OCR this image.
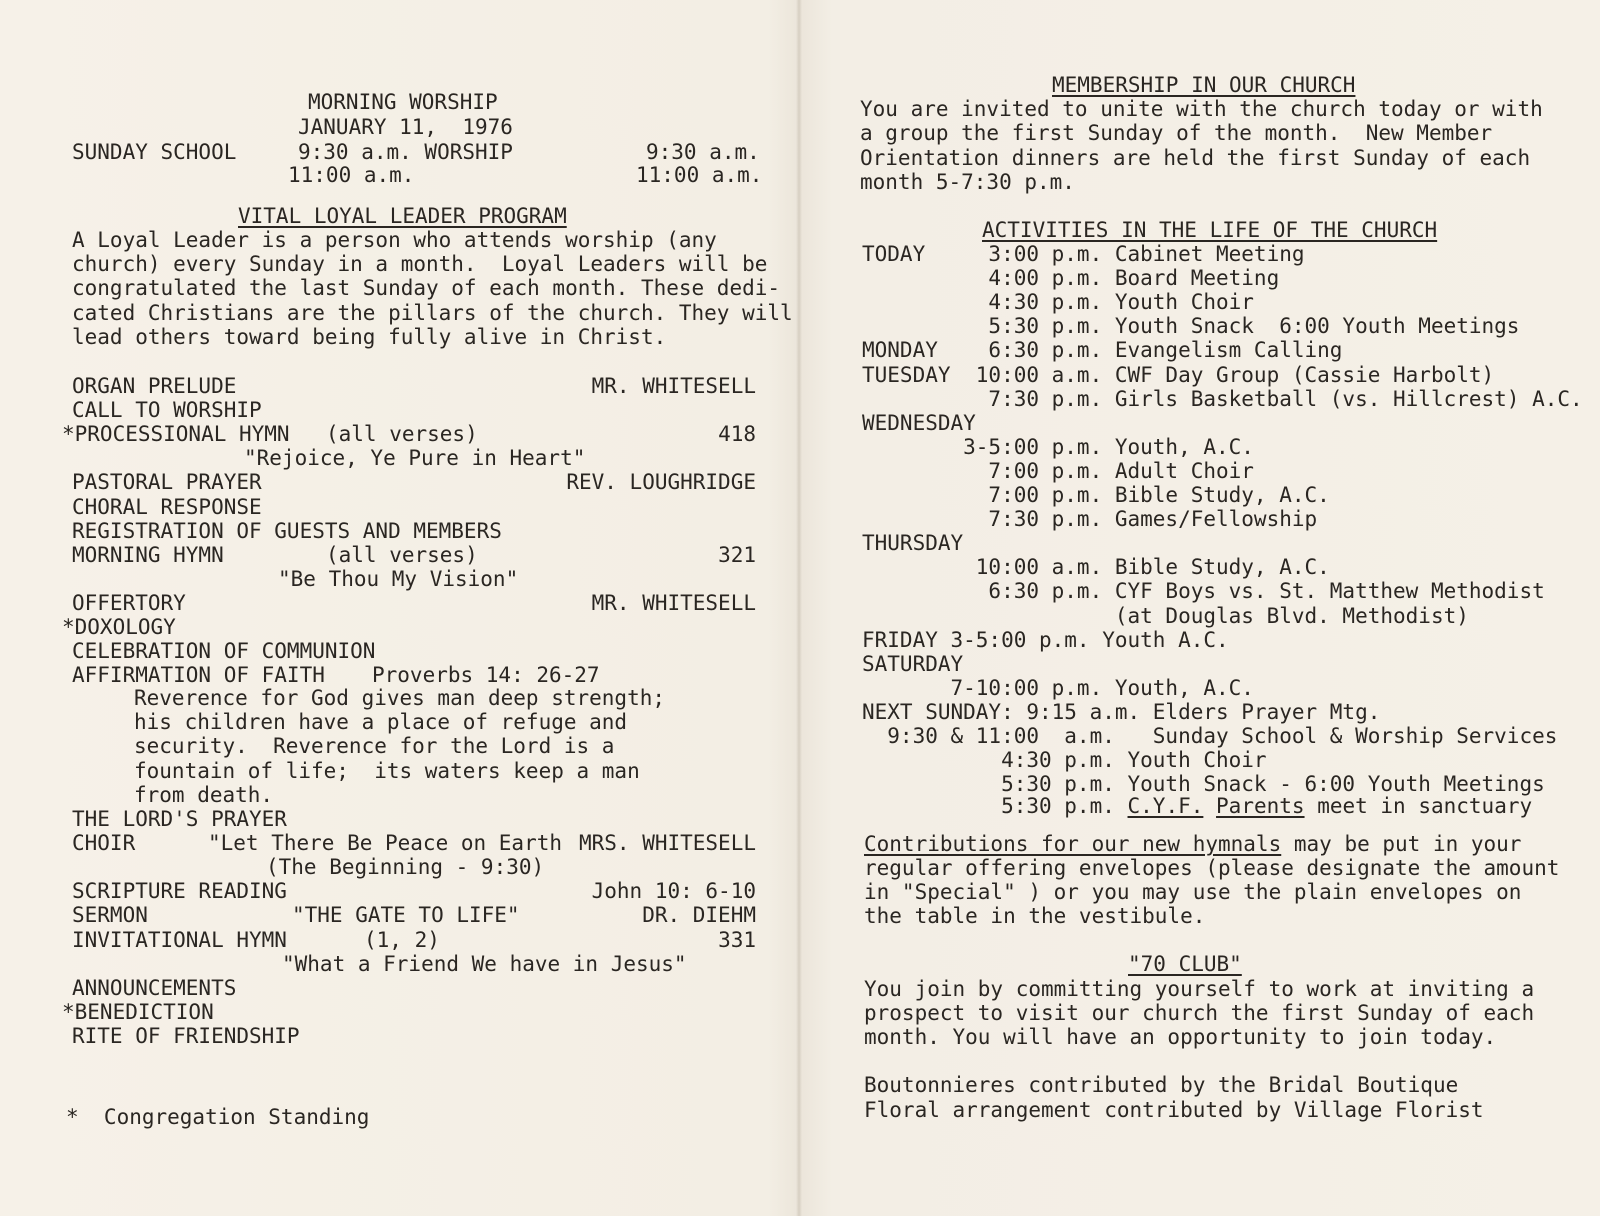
MORNING WORSHIP
JANUARY 11,  1976
SUNDAY SCHOOL	9:30 a.m. WORSHIP	9:30 a.m.
11:00 a.m.	11:00 a.m.
VITAL LOYAL LEADER PROGRAM
A Loyal Leader is a person who attends worship (any
church) every Sunday in a month.  Loyal Leaders will be
congratulated the last Sunday of each month. These dedi-
cated Christians are the pillars of the church. They will
lead others toward being fully alive in Christ.
ORGAN PRELUDE	MR. WHITESELL
CALL TO WORSHIP
*PROCESSIONAL HYMN (all verses)	418
"Rejoice, Ye Pure in Heart"
PASTORAL PRAYER	REV. LOUGHRIDGE
CHORAL RESPONSE
REGISTRATION OF GUESTS AND MEMBERS
MORNING HYMN	(all verses)	321
"Be Thou My Vision"
OFFERTORY	MR. WHITESELL
*DOXOLOGY
CELEBRATION OF COMMUNION
AFFIRMATION OF FAITH Proverbs 14: 26-27
Reverence for God gives man deep strength;
his children have a place of refuge and
security.  Reverence for the Lord is a
fountain of life;  its waters keep a man
from death.
THE LORD'S PRAYER
CHOIR	"Let There Be Peace on Earth MRS. WHITESELL
(The Beginning - 9:30)
SCRIPTURE READING	John 10: 6-10
SERMON	"THE GATE TO LIFE"	DR. DIEHM
INVITATIONAL HYMN	(1, 2)	331
"What a Friend We have in Jesus"
ANNOUNCEMENTS
*BENEDICTION
RITE OF FRIENDSHIP
*  Congregation Standing
MEMBERSHIP IN OUR CHURCH
You are invited to unite with the church today or with
a group the first Sunday of the month.  New Member
Orientation dinners are held the first Sunday of each
month 5-7:30 p.m.
ACTIVITIES IN THE LIFE OF THE CHURCH
TODAY     3:00 p.m. Cabinet Meeting
4:00 p.m. Board Meeting
4:30 p.m. Youth Choir
5:30 p.m. Youth Snack  6:00 Youth Meetings
MONDAY    6:30 p.m. Evangelism Calling
TUESDAY  10:00 a.m. CWF Day Group (Cassie Harbolt)
7:30 p.m. Girls Basketball (vs. Hillcrest) A.C.
WEDNESDAY
3-5:00 p.m. Youth, A.C.
7:00 p.m. Adult Choir
7:00 p.m. Bible Study, A.C.
7:30 p.m. Games/Fellowship
THURSDAY
10:00 a.m. Bible Study, A.C.
6:30 p.m. CYF Boys vs. St. Matthew Methodist
(at Douglas Blvd. Methodist)
FRIDAY 3-5:00 p.m. Youth A.C.
SATURDAY
7-10:00 p.m. Youth, A.C.
NEXT SUNDAY: 9:15 a.m. Elders Prayer Mtg.
9:30 & 11:00  a.m.   Sunday School & Worship Services
4:30 p.m. Youth Choir
5:30 p.m. Youth Snack - 6:00 Youth Meetings
5:30 p.m. C.Y.F. Parents meet in sanctuary
Contributions for our new hymnals may be put in your
regular offering envelopes (please designate the amount
in "Special" ) or you may use the plain envelopes on
the table in the vestibule.
"70 CLUB"
You join by committing yourself to work at inviting a
prospect to visit our church the first Sunday of each
month. You will have an opportunity to join today.
Boutonnieres contributed by the Bridal Boutique
Floral arrangement contributed by Village Florist
